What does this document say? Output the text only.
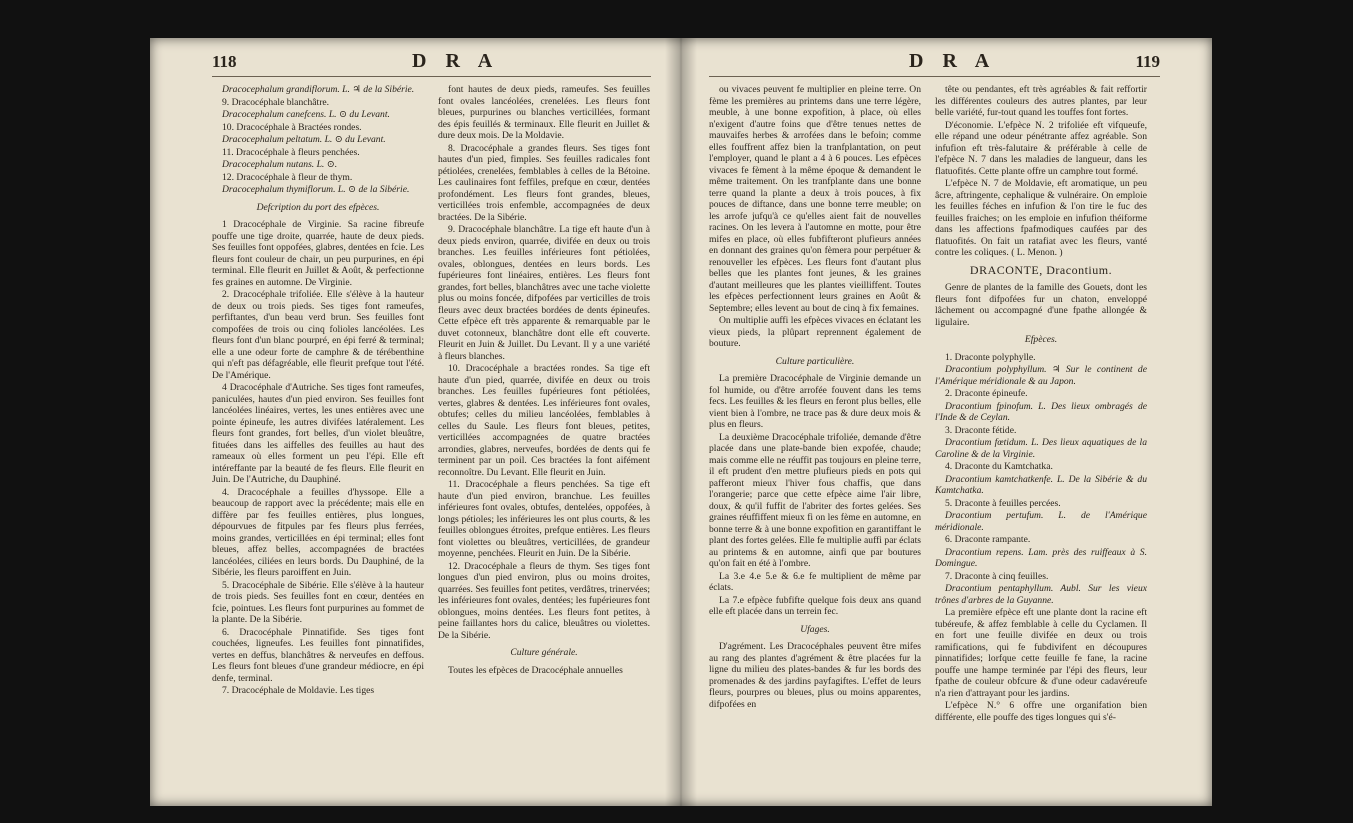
118	D R A

Dracocephalum grandiflorum. L. ♃ de la Sibérie.

9. Dracocéphale blanchâtre.

Dracocephalum canefcens. L. ⊙ du Levant.

10. Dracocéphale à Bractées rondes.

Dracocephalum peltatum. L. ⊙ du Levant.

11. Dracocéphale à fleurs penchées.

Dracocephalum nutans. L. ⊙.

12. Dracocéphale à fleur de thym.

Dracocephalum thymiflorum. L. ⊙ de la Sibérie.

Defcription du port des efpèces.

1 Dracocéphale de Virginie. Sa racine fibreufe pouffe une tige droite, quarrée, haute de deux pieds. Ses feuilles font oppofées, glabres, dentées en fcie. Les fleurs font couleur de chair, un peu purpurines, en épi terminal. Elle fleurit en Juillet & Août, & perfectionne fes graines en automne. De Virginie.

2. Dracocéphale trifoliée. Elle s'élève à la hauteur de deux ou trois pieds. Ses tiges font rameufes, perfiftantes, d'un beau verd brun. Ses feuilles font compofées de trois ou cinq folioles lancéolées. Les fleurs font d'un blanc pourpré, en épi ferré & terminal; elle a une odeur forte de camphre & de térébenthine qui n'eft pas défagréable, elle fleurit prefque tout l'été. De l'Amérique.

4 Dracocéphale d'Autriche. Ses tiges font rameufes, paniculées, hautes d'un pied environ. Ses feuilles font lancéolées linéaires, vertes, les unes entières avec une pointe épineufe, les autres divifées latéralement. Les fleurs font grandes, fort belles, d'un violet bleuâtre, fituées dans les aiffelles des feuilles au haut des rameaux où elles forment un peu l'épi. Elle eft intéreffante par la beauté de fes fleurs. Elle fleurit en Juin. De l'Autriche, du Dauphiné.

4. Dracocéphale a feuilles d'hyssope. Elle a beaucoup de rapport avec la précédente; mais elle en diffère par fes feuilles entières, plus longues, dépourvues de fitpules par fes fleurs plus ferrées, moins grandes, verticillées en épi terminal; elles font bleues, affez belles, accompagnées de bractées lancéolées, ciliées en leurs bords. Du Dauphiné, de la Sibérie, les fleurs paroiffent en Juin.

5. Dracocéphale de Sibérie. Elle s'élève à la hauteur de trois pieds. Ses feuilles font en cœur, dentées en fcie, pointues. Les fleurs font purpurines au fommet de la plante. De la Sibérie.

6. Dracocéphale Pinnatifide. Ses tiges font couchées, ligneufes. Les feuilles font pinnatifides, vertes en deffus, blanchâtres & nerveufes en deffous. Les fleurs font bleues d'une grandeur médiocre, en épi denfe, terminal.

7. Dracocéphale de Moldavie. Les tiges

font hautes de deux pieds, rameufes. Ses feuilles font ovales lancéolées, crenelées. Les fleurs font bleues, purpurines ou blanches verticillées, formant des épis feuillés & terminaux. Elle fleurit en Juillet & dure deux mois. De la Moldavie.

8. Dracocéphale a grandes fleurs. Ses tiges font hautes d'un pied, fimples. Ses feuilles radicales font pétiolées, crenelées, femblables à celles de la Bétoine. Les caulinaires font feffiles, prefque en cœur, dentées profondément. Les fleurs font grandes, bleues, verticillées trois enfemble, accompagnées de deux bractées. De la Sibérie.

9. Dracocéphale blanchâtre. La tige eft haute d'un à deux pieds environ, quarrée, divifée en deux ou trois branches. Les feuilles inférieures font pétiolées, ovales, oblongues, dentées en leurs bords. Les fupérieures font linéaires, entières. Les fleurs font grandes, fort belles, blanchâtres avec une tache violette plus ou moins foncée, difpofées par verticilles de trois fleurs avec deux bractées bordées de dents épineufes. Cette efpèce eft très apparente & remarquable par le duvet cotonneux, blanchâtre dont elle eft couverte. Fleurit en Juin & Juillet. Du Levant. Il y a une variété à fleurs blanches.

10. Dracocéphale a bractées rondes. Sa tige eft haute d'un pied, quarrée, divifée en deux ou trois branches. Les feuilles fupérieures font pétiolées, vertes, glabres & dentées. Les inférieures font ovales, obtufes; celles du milieu lancéolées, femblables à celles du Saule. Les fleurs font bleues, petites, verticillées accompagnées de quatre bractées arrondies, glabres, nerveufes, bordées de dents qui fe terminent par un poil. Ces bractées la font aifément reconnoître. Du Levant. Elle fleurit en Juin.

11. Dracocéphale a fleurs penchées. Sa tige eft haute d'un pied environ, branchue. Les feuilles inférieures font ovales, obtufes, dentelées, oppofées, à longs pétioles; les inférieures les ont plus courts, & les feuilles oblongues étroites, prefque entières. Les fleurs font violettes ou bleuâtres, verticillées, de grandeur moyenne, penchées. Fleurit en Juin. De la Sibérie.

12. Dracocéphale a fleurs de thym. Ses tiges font longues d'un pied environ, plus ou moins droites, quarrées. Ses feuilles font petites, verdâtres, trinervées; les inférieures font ovales, dentées; les fupérieures font oblongues, moins dentées. Les fleurs font petites, à peine faillantes hors du calice, bleuâtres ou violettes. De la Sibérie.

Culture générale.

Toutes les efpèces de Dracocéphale annuelles

D R A	119

ou vivaces peuvent fe multiplier en pleine terre. On fème les premières au printems dans une terre légère, meuble, à une bonne expofition, à place, où elles n'exigent d'autre foins que d'être tenues nettes de mauvaifes herbes & arrofées dans le befoin; comme elles fouffrent affez bien la tranfplantation, on peut l'employer, quand le plant a 4 à 6 pouces. Les efpèces vivaces fe fèment à la même époque & demandent le même traitement. On les tranfplante dans une bonne terre quand la plante a deux à trois pouces, à fix pouces de diftance, dans une bonne terre meuble; on les arrofe jufqu'à ce qu'elles aient fait de nouvelles racines. On les levera à l'automne en motte, pour être mifes en place, où elles fubfifteront plufieurs années en donnant des graines qu'on fèmera pour perpétuer & renouveller les efpèces. Les fleurs font d'autant plus belles que les plantes font jeunes, & les graines d'autant meilleures que les plantes vieilliffent. Toutes les efpèces perfectionnent leurs graines en Août & Septembre; elles levent au bout de cinq à fix femaines.

On multiplie auffi les efpèces vivaces en éclatant les vieux pieds, la plûpart reprennent également de bouture.

Culture particulière.

La première Dracocéphale de Virginie demande un fol humide, ou d'être arrofée fouvent dans les tems fecs. Les feuilles & les fleurs en feront plus belles, elle vient bien à l'ombre, ne trace pas & dure deux mois & plus en fleurs.

La deuxième Dracocéphale trifoliée, demande d'être placée dans une plate-bande bien expofée, chaude; mais comme elle ne réuffit pas toujours en pleine terre, il eft prudent d'en mettre plufieurs pieds en pots qui pafferont mieux l'hiver fous chaffis, que dans l'orangerie; parce que cette efpèce aime l'air libre, doux, & qu'il fuffit de l'abriter des fortes gelées. Ses graines réuffiffent mieux fi on les fème en automne, en bonne terre & à une bonne expofition en garantiffant le plant des fortes gelées. Elle fe multiplie auffi par éclats au printems & en automne, ainfi que par boutures qu'on fait en été à l'ombre.

La 3.e 4.e 5.e & 6.e fe multiplient de même par éclats.

La 7.e efpèce fubfifte quelque fois deux ans quand elle eft placée dans un terrein fec.

Ufages.

D'agrément. Les Dracocéphales peuvent être mifes au rang des plantes d'agrément & être placées fur la ligne du milieu des plates-bandes & fur les bords des promenades & des jardins payfagiftes. L'effet de leurs fleurs, pourpres ou bleues, plus ou moins apparentes, difpofées en

tête ou pendantes, eft très agréables & fait reffortir les différentes couleurs des autres plantes, par leur belle variété, fur-tout quand les touffes font fortes.

D'économie. L'efpèce N. 2 trifoliée eft vifqueufe, elle répand une odeur pénétrante affez agréable. Son infufion eft très-falutaire & préférable à celle de l'efpèce N. 7 dans les maladies de langueur, dans les flatuofités. Cette plante offre un camphre tout formé.

L'efpèce N. 7 de Moldavie, eft aromatique, un peu âcre, aftringente, cephalique & vulnéraire. On emploie les feuilles féches en infufion & l'on tire le fuc des feuilles fraiches; on les emploie en infufion théiforme dans les affections fpafmodiques caufées par des flatuofités. On fait un ratafiat avec les fleurs, vanté contre les coliques. ( L. Menon. )

DRACONTE, Dracontium.

Genre de plantes de la famille des Gouets, dont les fleurs font difpofées fur un chaton, enveloppé lâchement ou accompagné d'une fpathe allongée & ligulaire.

Efpèces.

1. Draconte polyphylle.

Dracontium polyphyllum. ♃ Sur le continent de l'Amérique méridionale & au Japon.

2. Draconte épineufe.

Dracontium fpinofum. L. Des lieux ombragés de l'Inde & de Ceylan.

3. Draconte fétide.

Dracontium fœtidum. L. Des lieux aquatiques de la Caroline & de la Virginie.

4. Draconte du Kamtchatka.

Dracontium kamtchatkenfe. L. De la Sibérie & du Kamtchatka.

5. Draconte à feuilles percées.

Dracontium pertufum. L. de l'Amérique méridionale.

6. Draconte rampante.

Dracontium repens. Lam. près des ruiffeaux à S. Domingue.

7. Draconte à cinq feuilles.

Dracontium pentaphyllum. Aubl. Sur les vieux trônes d'arbres de la Guyanne.

La première efpèce eft une plante dont la racine eft tubéreufe, & affez femblable à celle du Cyclamen. Il en fort une feuille divifée en deux ou trois ramifications, qui fe fubdivifent en découpures pinnatifides; lorfque cette feuille fe fane, la racine pouffe une hampe terminée par l'épi des fleurs, leur fpathe de couleur obfcure & d'une odeur cadavéreufe n'a rien d'attrayant pour les jardins.

L'efpèce N.° 6 offre une organifation bien différente, elle pouffe des tiges longues qui s'é-
